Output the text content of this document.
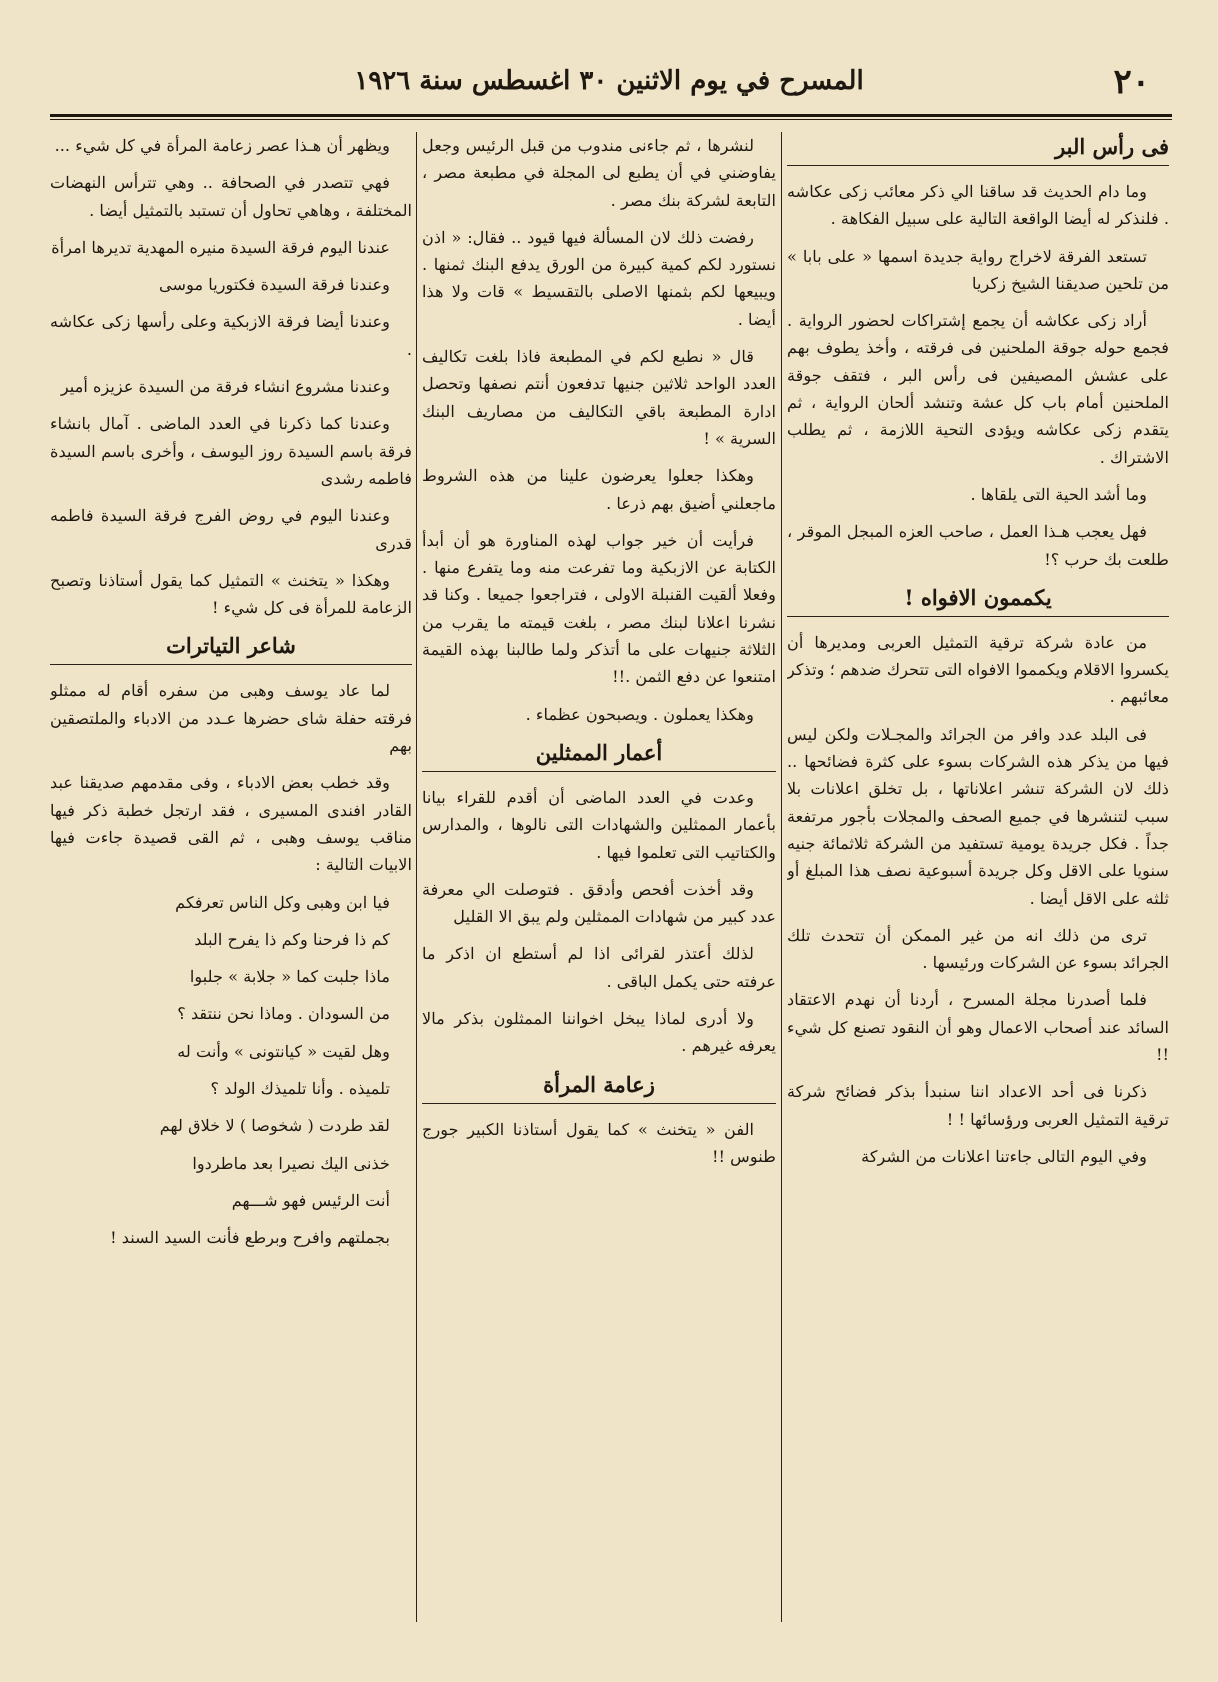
٢٠
المسرح في يوم الاثنين ٣٠ اغسطس سنة ١٩٢٦
فى رأس البر

وما دام الحديث قد ساقنا الي ذكر معائب زكى عكاشه . فلنذكر له أيضا الواقعة التالية على سبيل الفكاهة .

تستعد الفرقة لاخراج رواية جديدة اسمها « على بابا » من تلحين صديقنا الشيخ زكريا

أراد زكى عكاشه أن يجمع إشتراكات لحضور الرواية . فجمع حوله جوقة الملحنين فى فرقته ، وأخذ يطوف بهم على عشش المصيفين فى رأس البر ، فتقف جوقة الملحنين أمام باب كل عشة وتنشد ألحان الرواية ، ثم يتقدم زكى عكاشه ويؤدى التحية اللازمة ، ثم يطلب الاشتراك .

وما أشد الحية التى يلقاها .

فهل يعجب هـذا العمل ، صاحب العزه المبجل الموقر ، طلعت بك حرب ؟!

يكممون الافواه !

من عادة شركة ترقية التمثيل العربى ومديرها أن يكسروا الاقلام ويكمموا الافواه التى تتحرك ضدهم ؛ وتذكر معائبهم .

فى البلد عدد وافر من الجرائد والمجـلات ولكن ليس فيها من يذكر هذه الشركات بسوء على كثرة فضائحها .. ذلك لان الشركة تنشر اعلاناتها ، بل تخلق اعلانات بلا سبب لتنشرها في جميع الصحف والمجلات بأجور مرتفعة جداً . فكل جريدة يومية تستفيد من الشركة ثلاثمائة جنيه سنويا على الاقل وكل جريدة أسبوعية نصف هذا المبلغ أو ثلثه على الاقل أيضا .

ترى من ذلك انه من غير الممكن أن تتحدث تلك الجرائد بسوء عن الشركات ورئيسها .

فلما أصدرنا مجلة المسرح ، أردنا أن نهدم الاعتقاد السائد عند أصحاب الاعمال وهو أن النقود تصنع كل شيء !!

ذكرنا فى أحد الاعداد اننا سنبدأ بذكر فضائح شركة ترقية التمثيل العربى ورؤسائها ! !

وفي اليوم التالى جاءتنا اعلانات من الشركة

لنشرها ، ثم جاءنى مندوب من قبل الرئيس وجعل يفاوضني في أن يطبع لى المجلة في مطبعة مصر ، التابعة لشركة بنك مصر .

رفضت ذلك لان المسألة فيها قيود .. فقال: « اذن نستورد لكم كمية كبيرة من الورق يدفع البنك ثمنها . ويبيعها لكم بثمنها الاصلى بالتقسيط » قات ولا هذا أيضا .

قال « نطبع لكم في المطبعة فاذا بلغت تكاليف العدد الواحد ثلاثين جنيها تدفعون أنتم نصفها وتحصل ادارة المطبعة باقي التكاليف من مصاريف البنك السرية » !

وهكذا جعلوا يعرضون علينا من هذه الشروط ماجعلني أضيق بهم ذرعا .

فرأيت أن خير جواب لهذه المناورة هو أن أبدأ الكتابة عن الازبكية وما تفرعت منه وما يتفرع منها . وفعلا ألقيت القنبلة الاولى ، فتراجعوا جميعا . وكنا قد نشرنا اعلانا لبنك مصر ، بلغت قيمته ما يقرب من الثلاثة جنيهات على ما أتذكر ولما طالبنا بهذه القيمة امتنعوا عن دفع الثمن .!!

وهكذا يعملون . ويصبحون عظماء .

أعمار الممثلين

وعدت في العدد الماضى أن أقدم للقراء بيانا بأعمار الممثلين والشهادات التى نالوها ، والمدارس والكتاتيب التى تعلموا فيها .

وقد أخذت أفحص وأدقق . فتوصلت الي معرفة عدد كبير من شهادات الممثلين ولم يبق الا القليل

لذلك أعتذر لقرائى اذا لم أستطع ان اذكر ما عرفته حتى يكمل الباقى .

ولا أدرى لماذا يبخل اخواننا الممثلون بذكر مالا يعرفه غيرهم .

زعامة المرأة

الفن « يتخنث » كما يقول أستاذنا الكبير جورج طنوس !!

ويظهر أن هـذا عصر زعامة المرأة في كل شيء ...

فهي تتصدر في الصحافة .. وهي تترأس النهضات المختلفة ، وهاهي تحاول أن تستبد بالتمثيل أيضا .

عندنا اليوم فرقة السيدة منيره المهدية تديرها امرأة

وعندنا فرقة السيدة فكتوريا موسى

وعندنا أيضا فرقة الازبكية وعلى رأسها زكى عكاشه .

وعندنا مشروع انشاء فرقة من السيدة عزيزه أمير

وعندنا كما ذكرنا في العدد الماضى . آمال بانشاء فرقة باسم السيدة روز اليوسف ، وأخرى باسم السيدة فاطمه رشدى

وعندنا اليوم في روض الفرج فرقة السيدة فاطمه قدرى

وهكذا « يتخنث » التمثيل كما يقول أستاذنا وتصبح الزعامة للمرأة فى كل شيء !

شاعر التياترات

لما عاد يوسف وهبى من سفره أقام له ممثلو فرقته حفلة شاى حضرها عـدد من الادباء والملتصقين بهم

وقد خطب بعض الادباء ، وفى مقدمهم صديقنا عبد القادر افندى المسيرى ، فقد ارتجل خطبة ذكر فيها مناقب يوسف وهبى ، ثم القى قصيدة جاءت فيها الابيات التالية :

فيا ابن وهبى وكل الناس تعرفكم

كم ذا فرحنا وكم ذا يفرح البلد

ماذا جلبت كما « جلابة » جلبوا

من السودان . وماذا نحن ننتقد ؟

وهل لقيت « كيانتونى » وأنت له

تلميذه . وأنا تلميذك الولد ؟

لقد طردت ( شخوصا ) لا خلاق لهم

خذنى اليك نصيرا بعد ماطردوا

أنت الرئيس فهو شـــهم

بجملتهم وافرح وبرطع فأنت السيد السند !
